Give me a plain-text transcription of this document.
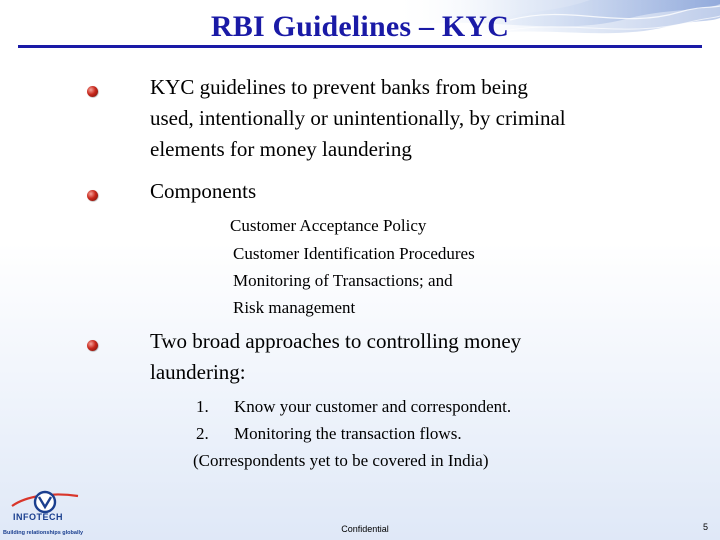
RBI Guidelines – KYC
KYC guidelines to prevent banks from being
used, intentionally or unintentionally, by criminal
elements for money laundering
Components
Customer Acceptance Policy
Customer Identification Procedures
Monitoring of Transactions; and
Risk management
Two broad approaches to controlling money
laundering:
1. Know your customer and correspondent.
2. Monitoring the transaction flows.
(Correspondents yet to be covered in India)
INFOTECH
Building relationships globally	Confidential	5
